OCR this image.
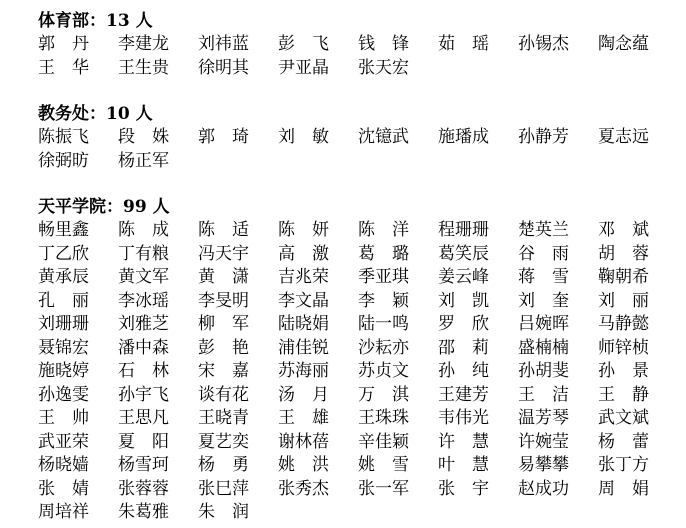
体育部：13 人
郭 丹 李 建 龙 刘 祎 蓝 彭 飞 钱 锋 茹 瑶 孙 锡 杰 陶 念 蕴
王 华 王 生 贵 徐 明 其 尹 亚 晶 张 天 宏
教务处：10 人
陈 振 飞 段 姝 郭 琦 刘 敏 沈 镱 武 施 璠 成 孙 静 芳 夏 志 远
徐 弼 昉 杨 正 军
天平学院：99 人
畅 里 鑫 陈 成 陈 适 陈 妍 陈 洋 程 珊 珊 楚 英 兰 邓 斌
丁 乙 欣 丁 有 粮 冯 天 宇 高 激 葛 璐 葛 笑 辰 谷 雨 胡 蓉
黄 承 辰 黄 文 军 黄 潇 吉 兆 荣 季 亚 琪 姜 云 峰 蒋 雪 鞠 朝 希
孔 丽 李 冰 瑶 李 旻 明 李 文 晶 李 颖 刘 凯 刘 奎 刘 丽
刘 珊 珊 刘 雅 芝 柳 军 陆 晓 娟 陆 一 鸣 罗 欣 吕 婉 晖 马 静 懿
聂 锦 宏 潘 中 森 彭 艳 浦 佳 锐 沙 耘 亦 邵 莉 盛 楠 楠 师 锌 桢
施 晓 婷 石 林 宋 嘉 苏 海 丽 苏 贞 文 孙 纯 孙 胡 斐 孙 景
孙 逸 雯 孙 宇 飞 谈 有 花 汤 月 万 淇 王 建 芳 王 洁 王 静
王 帅 王 思 凡 王 晓 青 王 雄 王 珠 珠 韦 伟 光 温 芳 琴 武 文 斌
武 亚 荣 夏 阳 夏 艺 奕 谢 林 蓓 辛 佳 颖 许 慧 许 婉 莹 杨 蕾
杨 晓 嫱 杨 雪 珂 杨 勇 姚 洪 姚 雪 叶 慧 易 攀 攀 张 丁 方
张 婧 张 蓉 蓉 张 巳 萍 张 秀 杰 张 一 军 张 宇 赵 成 功 周 娟
周 培 祥 朱 葛 雅 朱 润
